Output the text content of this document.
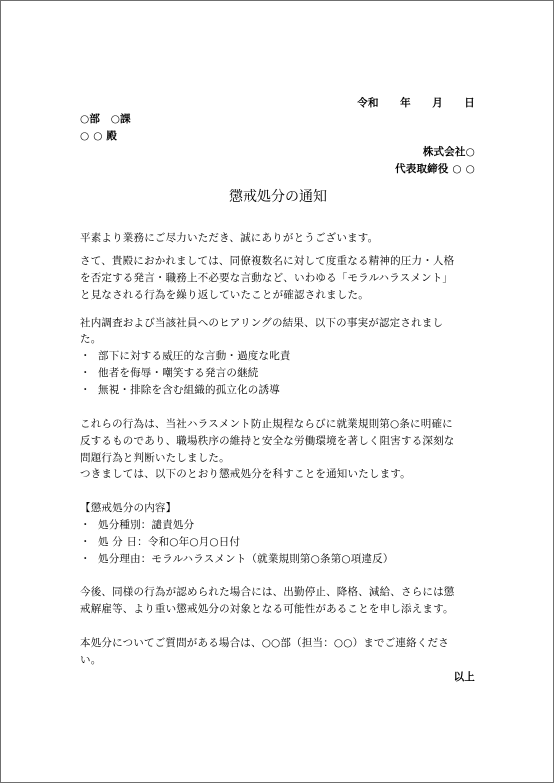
令和　　年　　月　　日
○部　○課
○ ○ 殿
株式会社○
代表取締役 ○ ○
懲戒処分の通知
平素より業務にご尽力いただき、誠にありがとうございます。
さて、貴殿におかれましては、同僚複数名に対して度重なる精神的圧力・人格
を否定する発言・職務上不必要な言動など、いわゆる「モラルハラスメント」
と見なされる行為を繰り返していたことが確認されました。
社内調査および当該社員へのヒアリングの結果、以下の事実が認定されまし
た。
・ 部下に対する威圧的な言動・過度な叱責
・ 他者を侮辱・嘲笑する発言の継続
・ 無視・排除を含む組織的孤立化の誘導
これらの行為は、当社ハラスメント防止規程ならびに就業規則第○条に明確に
反するものであり、職場秩序の維持と安全な労働環境を著しく阻害する深刻な
問題行為と判断いたしました。
つきましては、以下のとおり懲戒処分を科すことを通知いたします。
【懲戒処分の内容】
・ 処分種別：譴責処分
・ 処 分 日：令和○年○月○日付
・ 処分理由：モラルハラスメント（就業規則第○条第○項違反）
今後、同様の行為が認められた場合には、出勤停止、降格、減給、さらには懲
戒解雇等、より重い懲戒処分の対象となる可能性があることを申し添えます。
本処分についてご質問がある場合は、○○部（担当：○○）までご連絡くださ
い。
以上
